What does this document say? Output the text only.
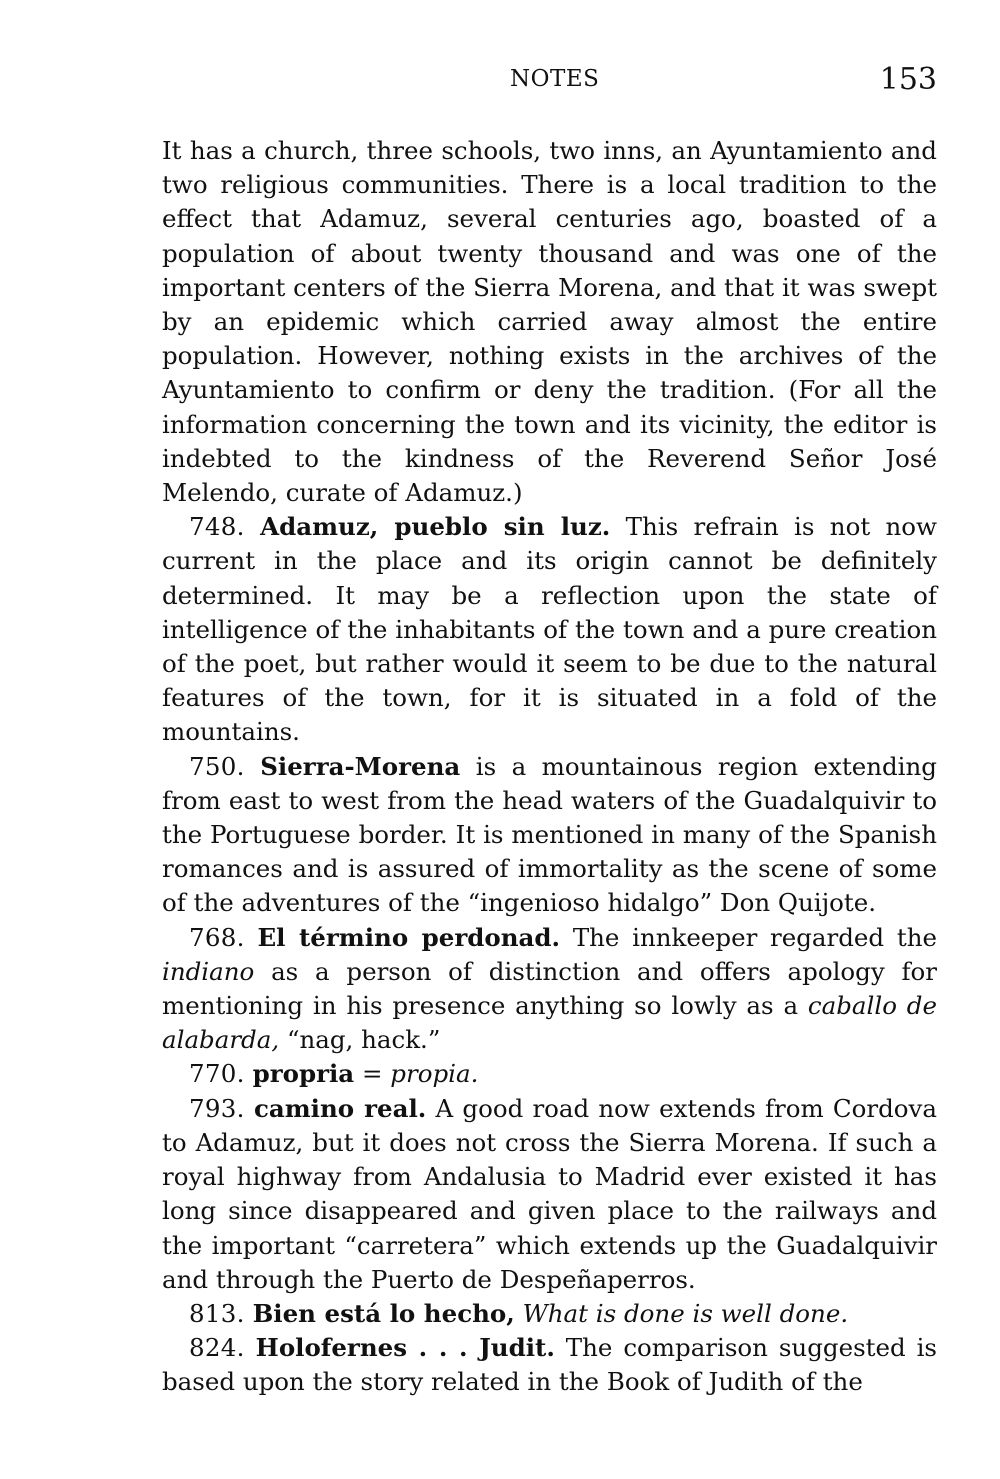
NOTES	153

It has a church, three schools, two inns, an Ayuntamiento and two religious communities. There is a local tradition to the effect that Adamuz, several centuries ago, boasted of a population of about twenty thousand and was one of the important centers of the Sierra Morena, and that it was swept by an epidemic which carried away almost the entire population. However, nothing exists in the archives of the Ayuntamiento to confirm or deny the tradition. (For all the information concerning the town and its vicinity, the editor is indebted to the kindness of the Reverend Señor José Melendo, curate of Adamuz.)

748. Adamuz, pueblo sin luz. This refrain is not now current in the place and its origin cannot be definitely determined. It may be a reflection upon the state of intelligence of the inhabitants of the town and a pure creation of the poet, but rather would it seem to be due to the natural features of the town, for it is situated in a fold of the mountains.

750. Sierra-Morena is a mountainous region extending from east to west from the head waters of the Guadalquivir to the Portuguese border. It is mentioned in many of the Spanish romances and is assured of immortality as the scene of some of the adventures of the “ingenioso hidalgo” Don Quijote.

768. El término perdonad. The innkeeper regarded the indiano as a person of distinction and offers apology for mentioning in his presence anything so lowly as a caballo de alabarda, “nag, hack.”

770. propria = propia.

793. camino real. A good road now extends from Cordova to Adamuz, but it does not cross the Sierra Morena. If such a royal highway from Andalusia to Madrid ever existed it has long since disappeared and given place to the railways and the important “carretera” which extends up the Guadalquivir and through the Puerto de Despeñaperros.

813. Bien está lo hecho, What is done is well done.

824. Holofernes . . . Judit. The comparison suggested is based upon the story related in the Book of Judith of the
